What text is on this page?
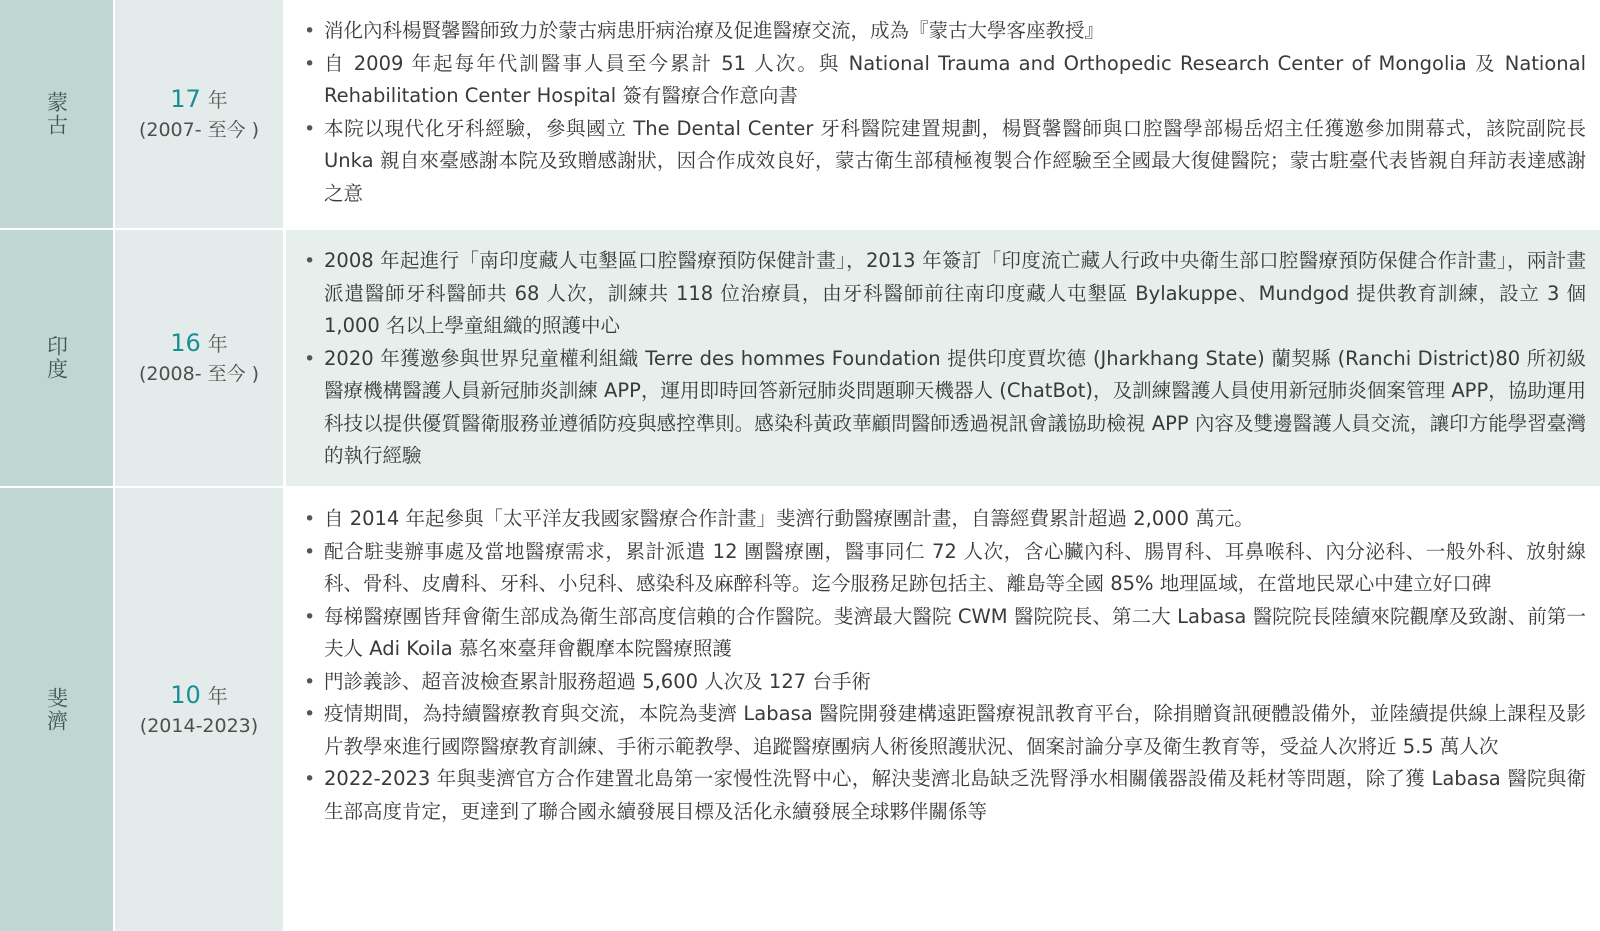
蒙古	17 年
(2007- 至今 )
• 消化內科楊賢馨醫師致力於蒙古病患肝病治療及促進醫療交流，成為『蒙古大學客座教授』
• 自 2009 年起每年代訓醫事人員至今累計 51 人次。與 National Trauma and Orthopedic Research Center of Mongolia 及 National Rehabilitation Center Hospital 簽有醫療合作意向書
• 本院以現代化牙科經驗，參與國立 The Dental Center 牙科醫院建置規劃，楊賢馨醫師與口腔醫學部楊岳炤主任獲邀參加開幕式，該院副院長 Unka 親自來臺感謝本院及致贈感謝狀，因合作成效良好，蒙古衛生部積極複製合作經驗至全國最大復健醫院；蒙古駐臺代表皆親自拜訪表達感謝之意
印度	16 年
(2008- 至今 )
• 2008 年起進行「南印度藏人屯墾區口腔醫療預防保健計畫」，2013 年簽訂「印度流亡藏人行政中央衛生部口腔醫療預防保健合作計畫」，兩計畫派遣醫師牙科醫師共 68 人次，訓練共 118 位治療員，由牙科醫師前往南印度藏人屯墾區 Bylakuppe、Mundgod 提供教育訓練，設立 3 個 1,000 名以上學童組織的照護中心
• 2020 年獲邀參與世界兒童權利組織 Terre des hommes Foundation 提供印度賈坎德 (Jharkhang State) 蘭契縣 (Ranchi District)80 所初級醫療機構醫護人員新冠肺炎訓練 APP，運用即時回答新冠肺炎問題聊天機器人 (ChatBot)，及訓練醫護人員使用新冠肺炎個案管理 APP，協助運用科技以提供優質醫衛服務並遵循防疫與感控準則。感染科黃政華顧問醫師透過視訊會議協助檢視 APP 內容及雙邊醫護人員交流，讓印方能學習臺灣的執行經驗
斐濟	10 年
(2014-2023)
• 自 2014 年起參與「太平洋友我國家醫療合作計畫」斐濟行動醫療團計畫，自籌經費累計超過 2,000 萬元。
• 配合駐斐辦事處及當地醫療需求，累計派遣 12 團醫療團，醫事同仁 72 人次，含心臟內科、腸胃科、耳鼻喉科、內分泌科、一般外科、放射線科、骨科、皮膚科、牙科、小兒科、感染科及麻醉科等。迄今服務足跡包括主、離島等全國 85% 地理區域，在當地民眾心中建立好口碑
• 每梯醫療團皆拜會衛生部成為衛生部高度信賴的合作醫院。斐濟最大醫院 CWM 醫院院長、第二大 Labasa 醫院院長陸續來院觀摩及致謝、前第一夫人 Adi Koila 慕名來臺拜會觀摩本院醫療照護
• 門診義診、超音波檢查累計服務超過 5,600 人次及 127 台手術
• 疫情期間，為持續醫療教育與交流，本院為斐濟 Labasa 醫院開發建構遠距醫療視訊教育平台，除捐贈資訊硬體設備外，並陸續提供線上課程及影片教學來進行國際醫療教育訓練、手術示範教學、追蹤醫療團病人術後照護狀況、個案討論分享及衛生教育等，受益人次將近 5.5 萬人次
• 2022-2023 年與斐濟官方合作建置北島第一家慢性洗腎中心，解決斐濟北島缺乏洗腎淨水相關儀器設備及耗材等問題，除了獲 Labasa 醫院與衛生部高度肯定，更達到了聯合國永續發展目標及活化永續發展全球夥伴關係等
